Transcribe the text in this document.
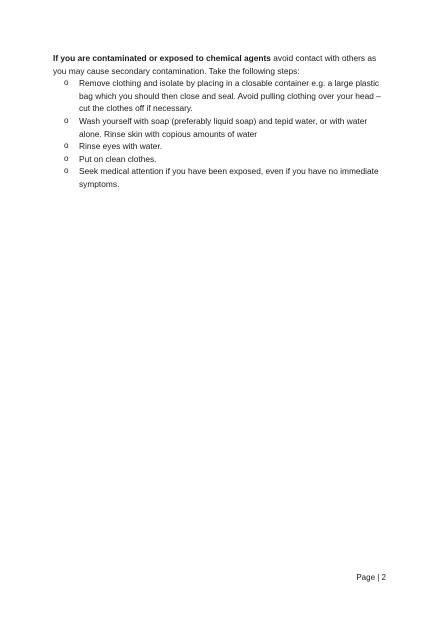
If you are contaminated or exposed to chemical agents avoid contact with others as you may cause secondary contamination. Take the following steps:

o Remove clothing and isolate by placing in a closable container e.g. a large plastic bag which you should then close and seal. Avoid pulling clothing over your head – cut the clothes off if necessary.
o Wash yourself with soap (preferably liquid soap) and tepid water, or with water alone. Rinse skin with copious amounts of water
o Rinse eyes with water.
o Put on clean clothes.
o Seek medical attention if you have been exposed, even if you have no immediate symptoms.
Page | 2
